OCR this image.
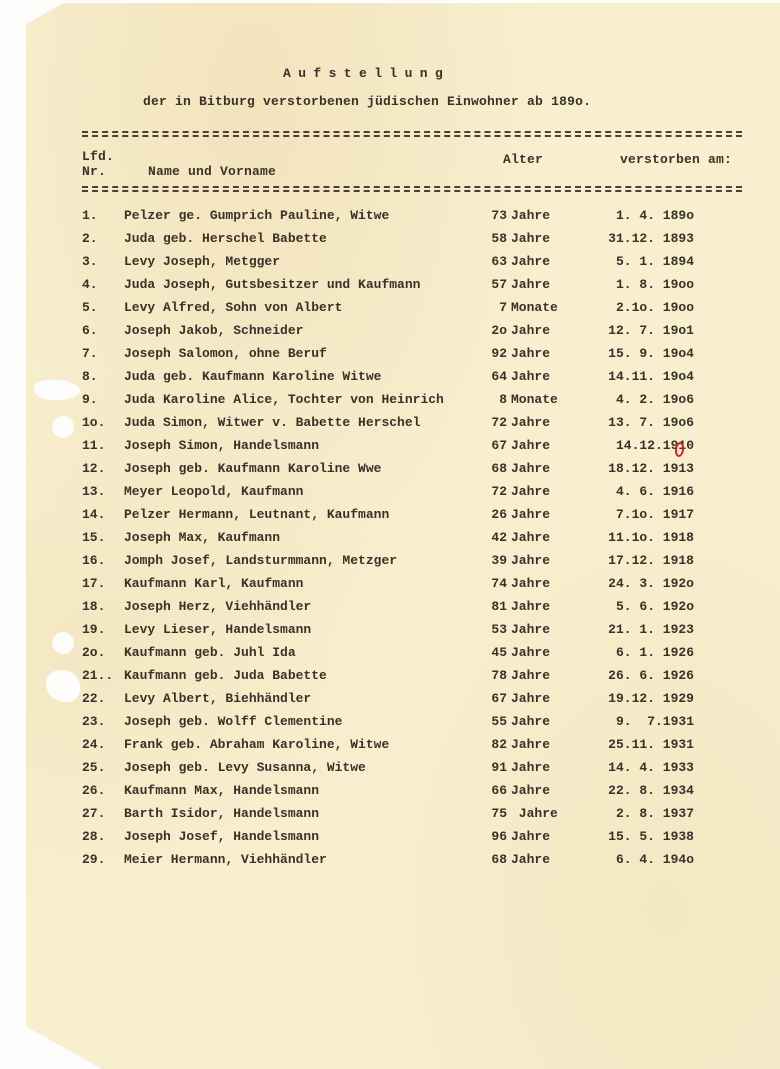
Aufstellung
der in Bitburg verstorbenen jüdischen Einwohner ab 189o.
Lfd.
Nr.	Name und Vorname
Alter	verstorben am:
1. Pelzer ge. Gumprich Pauline, Witwe	73 Jahre	1. 4. 189o
2. Juda geb. Herschel Babette	58 Jahre	31.12. 1893
3. Levy Joseph, Metgger	63 Jahre	5. 1. 1894
4. Juda Joseph, Gutsbesitzer und Kaufmann	57 Jahre	1. 8. 19oo
5. Levy Alfred, Sohn von Albert	7 Monate	2.1o. 19oo
6. Joseph Jakob, Schneider	2o Jahre	12. 7. 19o1
7. Joseph Salomon, ohne Beruf	92 Jahre	15. 9. 19o4
8. Juda geb. Kaufmann Karoline Witwe	64 Jahre	14.11. 19o4
9. Juda Karoline Alice, Tochter von Heinrich	8 Monate	4. 2. 19o6
1o. Juda Simon, Witwer v. Babette Herschel	72 Jahre	13. 7. 19o6
11. Joseph Simon, Handelsmann	67 Jahre	14.12.1910
12. Joseph geb. Kaufmann Karoline Wwe	68 Jahre	18.12. 1913
13. Meyer Leopold, Kaufmann	72 Jahre	4. 6. 1916
14. Pelzer Hermann, Leutnant, Kaufmann	26 Jahre	7.1o. 1917
15. Joseph Max, Kaufmann	42 Jahre	11.1o. 1918
16. Jomph Josef, Landsturmmann, Metzger	39 Jahre	17.12. 1918
17. Kaufmann Karl, Kaufmann	74 Jahre	24. 3. 192o
18. Joseph Herz, Viehhändler	81 Jahre	5. 6. 192o
19. Levy Lieser, Handelsmann	53 Jahre	21. 1. 1923
2o. Kaufmann geb. Juhl Ida	45 Jahre	6. 1. 1926
21.. Kaufmann geb. Juda Babette	78 Jahre	26. 6. 1926
22. Levy Albert, Biehhändler	67 Jahre	19.12. 1929
23. Joseph geb. Wolff Clementine	55 Jahre	9.  7.1931
24. Frank geb. Abraham Karoline, Witwe	82 Jahre	25.11. 1931
25. Joseph geb. Levy Susanna, Witwe	91 Jahre	14. 4. 1933
26. Kaufmann Max, Handelsmann	66 Jahre	22. 8. 1934
27. Barth Isidor, Handelsmann	75 Jahre	2. 8. 1937
28. Joseph Josef, Handelsmann	96 Jahre	15. 5. 1938
29. Meier Hermann, Viehhändler	68 Jahre	6. 4. 194o
